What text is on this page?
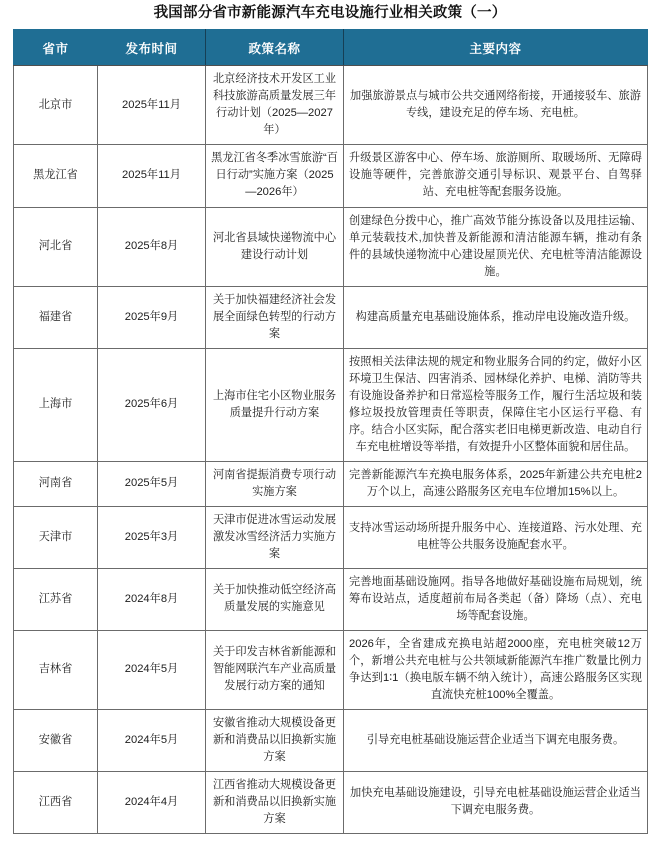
我国部分省市新能源汽车充电设施行业相关政策（一）
省市	发布时间	政策名称	主要内容
北京市	2025年11月	北京经济技术开发区工业科技旅游高质量发展三年行动计划（2025—2027年）	加强旅游景点与城市公共交通网络衔接，开通接驳车、旅游专线，建设充足的停车场、充电桩。
黑龙江省	2025年11月	黑龙江省冬季冰雪旅游“百日行动”实施方案（2025—2026年）	升级景区游客中心、停车场、旅游厕所、取暖场所、无障碍设施等硬件，完善旅游交通引导标识、观景平台、自驾驿站、充电桩等配套服务设施。
河北省	2025年8月	河北省县域快递物流中心建设行动计划	创建绿色分拨中心，推广高效节能分拣设备以及甩挂运输、单元装载技术,加快普及新能源和清洁能源车辆，推动有条件的县域快递物流中心建设屋顶光伏、充电桩等清洁能源设施。
福建省	2025年9月	关于加快福建经济社会发展全面绿色转型的行动方案	构建高质量充电基础设施体系，推动岸电设施改造升级。
上海市	2025年6月	上海市住宅小区物业服务质量提升行动方案	按照相关法律法规的规定和物业服务合同的约定，做好小区环境卫生保洁、四害消杀、园林绿化养护、电梯、消防等共有设施设备养护和日常巡检等服务工作，履行生活垃圾和装修垃圾投放管理责任等职责，保障住宅小区运行平稳、有序。结合小区实际，配合落实老旧电梯更新改造、电动自行车充电桩增设等举措，有效提升小区整体面貌和居住品。
河南省	2025年5月	河南省提振消费专项行动实施方案	完善新能源汽车充换电服务体系，2025年新建公共充电桩2万个以上，高速公路服务区充电车位增加15%以上。
天津市	2025年3月	天津市促进冰雪运动发展激发冰雪经济活力实施方案	支持冰雪运动场所提升服务中心、连接道路、污水处理、充电桩等公共服务设施配套水平。
江苏省	2024年8月	关于加快推动低空经济高质量发展的实施意见	完善地面基础设施网。指导各地做好基础设施布局规划，统筹布设站点，适度超前布局各类起（备）降场（点）、充电场等配套设施。
吉林省	2024年5月	关于印发吉林省新能源和智能网联汽车产业高质量发展行动方案的通知	2026年，全省建成充换电站超2000座，充电桩突破12万个，新增公共充电桩与公共领域新能源汽车推广数量比例力争达到1∶1（换电版车辆不纳入统计），高速公路服务区实现直流快充桩100%全覆盖。
安徽省	2024年5月	安徽省推动大规模设备更新和消费品以旧换新实施方案	引导充电桩基础设施运营企业适当下调充电服务费。
江西省	2024年4月	江西省推动大规模设备更新和消费品以旧换新实施方案	加快充电基础设施建设，引导充电桩基础设施运营企业适当下调充电服务费。
